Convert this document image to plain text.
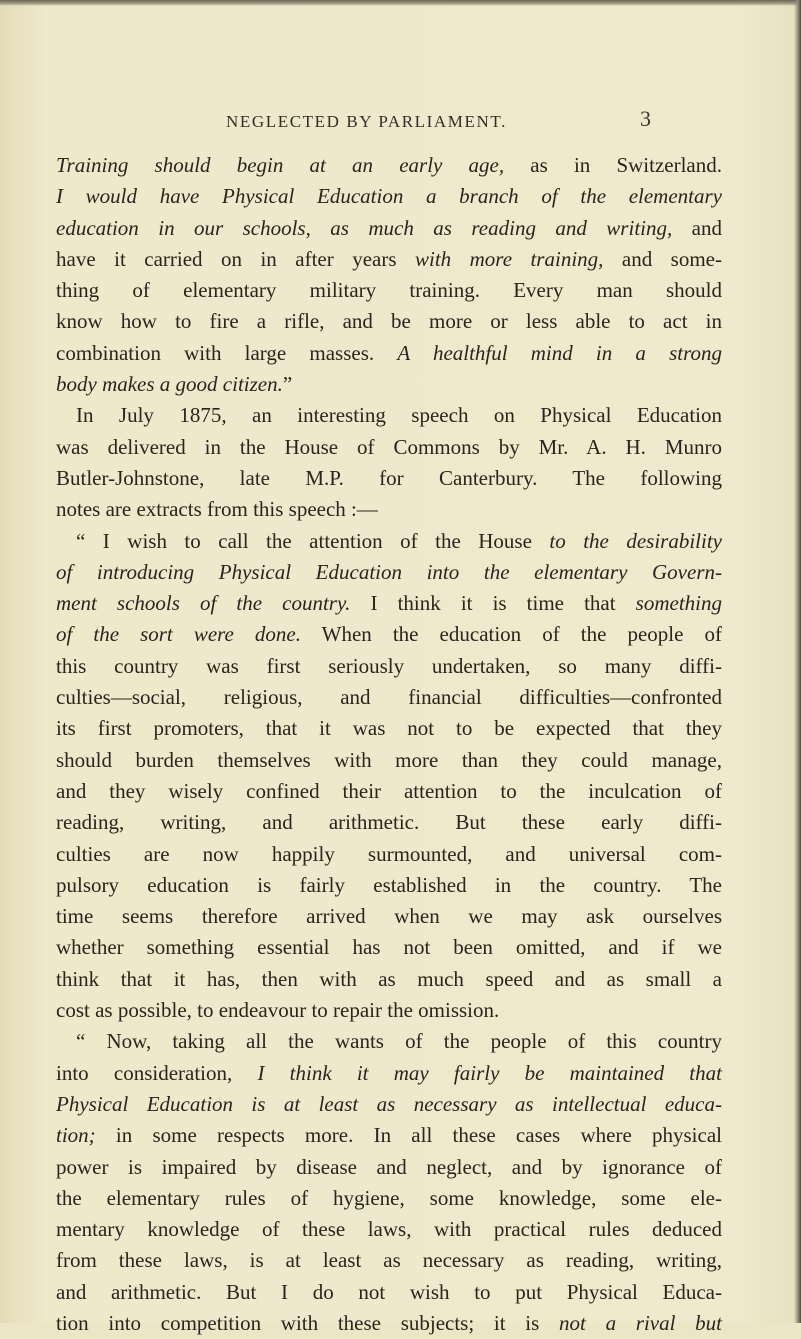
NEGLECTED BY PARLIAMENT.	3
Training should begin at an early age, as in Switzerland.
I would have Physical Education a branch of the elementary
education in our schools, as much as reading and writing, and
have it carried on in after years with more training, and some-
thing of elementary military training. Every man should
know how to fire a rifle, and be more or less able to act in
combination with large masses. A healthful mind in a strong
body makes a good citizen.”
In July 1875, an interesting speech on Physical Education
was delivered in the House of Commons by Mr. A. H. Munro
Butler-Johnstone, late M.P. for Canterbury. The following
notes are extracts from this speech :—
“ I wish to call the attention of the House to the desirability
of introducing Physical Education into the elementary Govern-
ment schools of the country. I think it is time that something
of the sort were done. When the education of the people of
this country was first seriously undertaken, so many diffi-
culties—social, religious, and financial difficulties—confronted
its first promoters, that it was not to be expected that they
should burden themselves with more than they could manage,
and they wisely confined their attention to the inculcation of
reading, writing, and arithmetic. But these early diffi-
culties are now happily surmounted, and universal com-
pulsory education is fairly established in the country. The
time seems therefore arrived when we may ask ourselves
whether something essential has not been omitted, and if we
think that it has, then with as much speed and as small a
cost as possible, to endeavour to repair the omission.
“ Now, taking all the wants of the people of this country
into consideration, I think it may fairly be maintained that
Physical Education is at least as necessary as intellectual educa-
tion; in some respects more. In all these cases where physical
power is impaired by disease and neglect, and by ignorance of
the elementary rules of hygiene, some knowledge, some ele-
mentary knowledge of these laws, with practical rules deduced
from these laws, is at least as necessary as reading, writing,
and arithmetic. But I do not wish to put Physical Educa-
tion into competition with these subjects; it is not a rival but
